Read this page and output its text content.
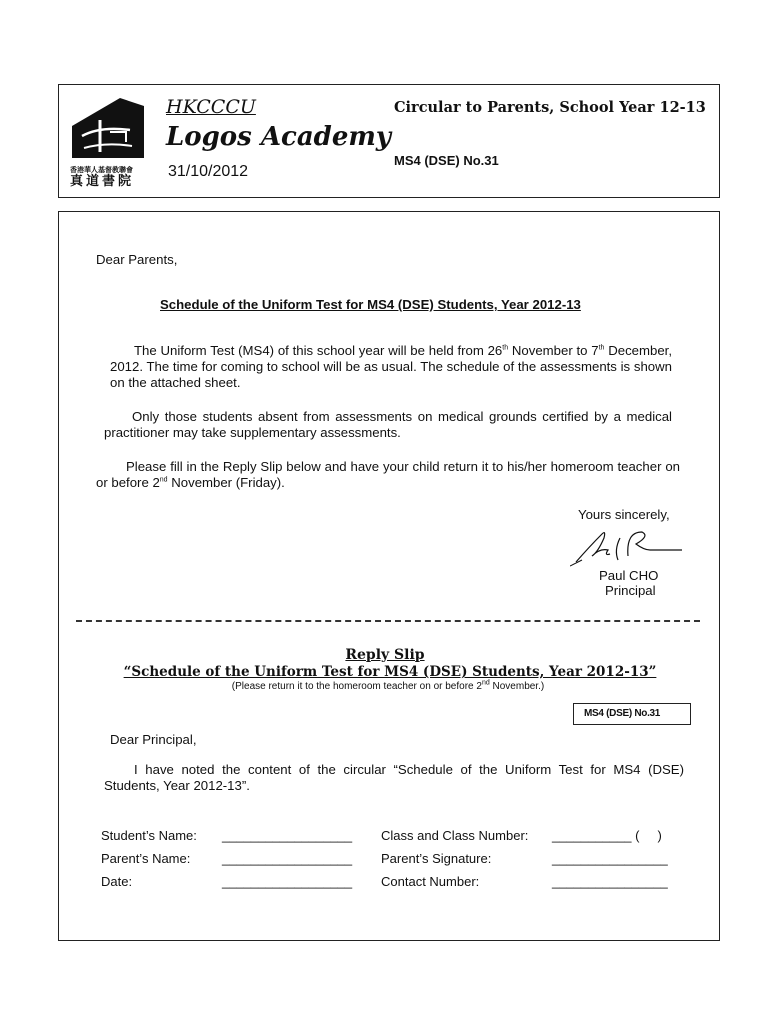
香港華人基督教聯會
真道書院
HKCCCU
Logos Academy
31/10/2012
Circular to Parents, School Year 12-13
MS4 (DSE) No.31
Dear Parents,
Schedule of the Uniform Test for MS4 (DSE) Students, Year 2012-13
The Uniform Test (MS4) of this school year will be held from 26th November to 7th December, 2012. The time for coming to school will be as usual. The schedule of the assessments is shown on the attached sheet.
Only those students absent from assessments on medical grounds certified by a medical practitioner may take supplementary assessments.
Please fill in the Reply Slip below and have your child return it to his/her homeroom teacher on or before 2nd November (Friday).
Yours sincerely,
Paul CHO
Principal
Reply Slip
“Schedule of the Uniform Test for MS4 (DSE) Students, Year 2012-13”
(Please return it to the homeroom teacher on or before 2nd November.)
MS4 (DSE) No.31
Dear Principal,
I have noted the content of the circular “Schedule of the Uniform Test for MS4 (DSE) Students, Year 2012-13”.
Student’s Name: __________________ Class and Class Number: ___________ (     )
Parent’s Name: __________________ Parent’s Signature:	________________
Date:	__________________ Contact Number:	________________
